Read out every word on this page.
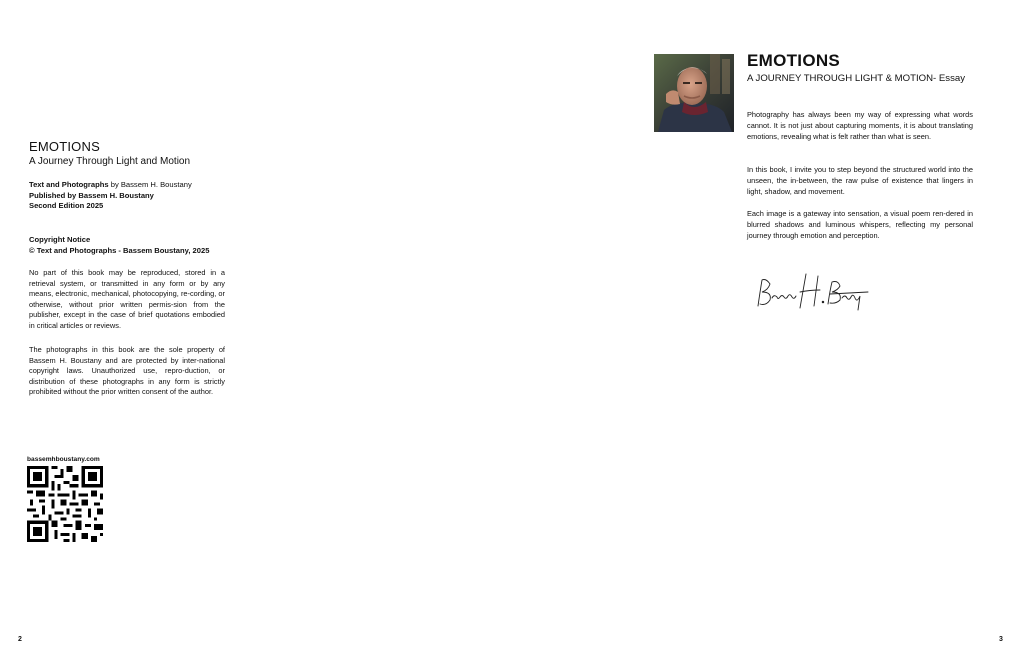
EMOTIONS
A Journey Through Light and Motion
Text and Photographs by Bassem H. Boustany
Published by Bassem H. Boustany
Second Edition 2025
Copyright Notice
© Text and Photographs - Bassem Boustany, 2025
No part of this book may be reproduced, stored in a retrieval system, or transmitted in any form or by any means, electronic, mechanical, photocopying, re-cording, or otherwise, without prior written permis-sion from the publisher, except in the case of brief quotations embodied in critical articles or reviews.
The photographs in this book are the sole property of Bassem H. Boustany and are protected by inter-national copyright laws. Unauthorized use, repro-duction, or distribution of these photographs in any form is strictly prohibited without the prior written consent of the author.
bassemhboustany.com
2
EMOTIONS
A JOURNEY THROUGH LIGHT & MOTION- Essay
Photography has always been my way of expressing what words cannot. It is not just about capturing moments, it is about translating emotions, revealing what is felt rather than what is seen.
In this book, I invite you to step beyond the structured world into the unseen, the in-between, the raw pulse of existence that lingers in light, shadow, and movement.
Each image is a gateway into sensation, a visual poem ren-dered in blurred shadows and luminous whispers, reflecting my personal journey through emotion and perception.
3
